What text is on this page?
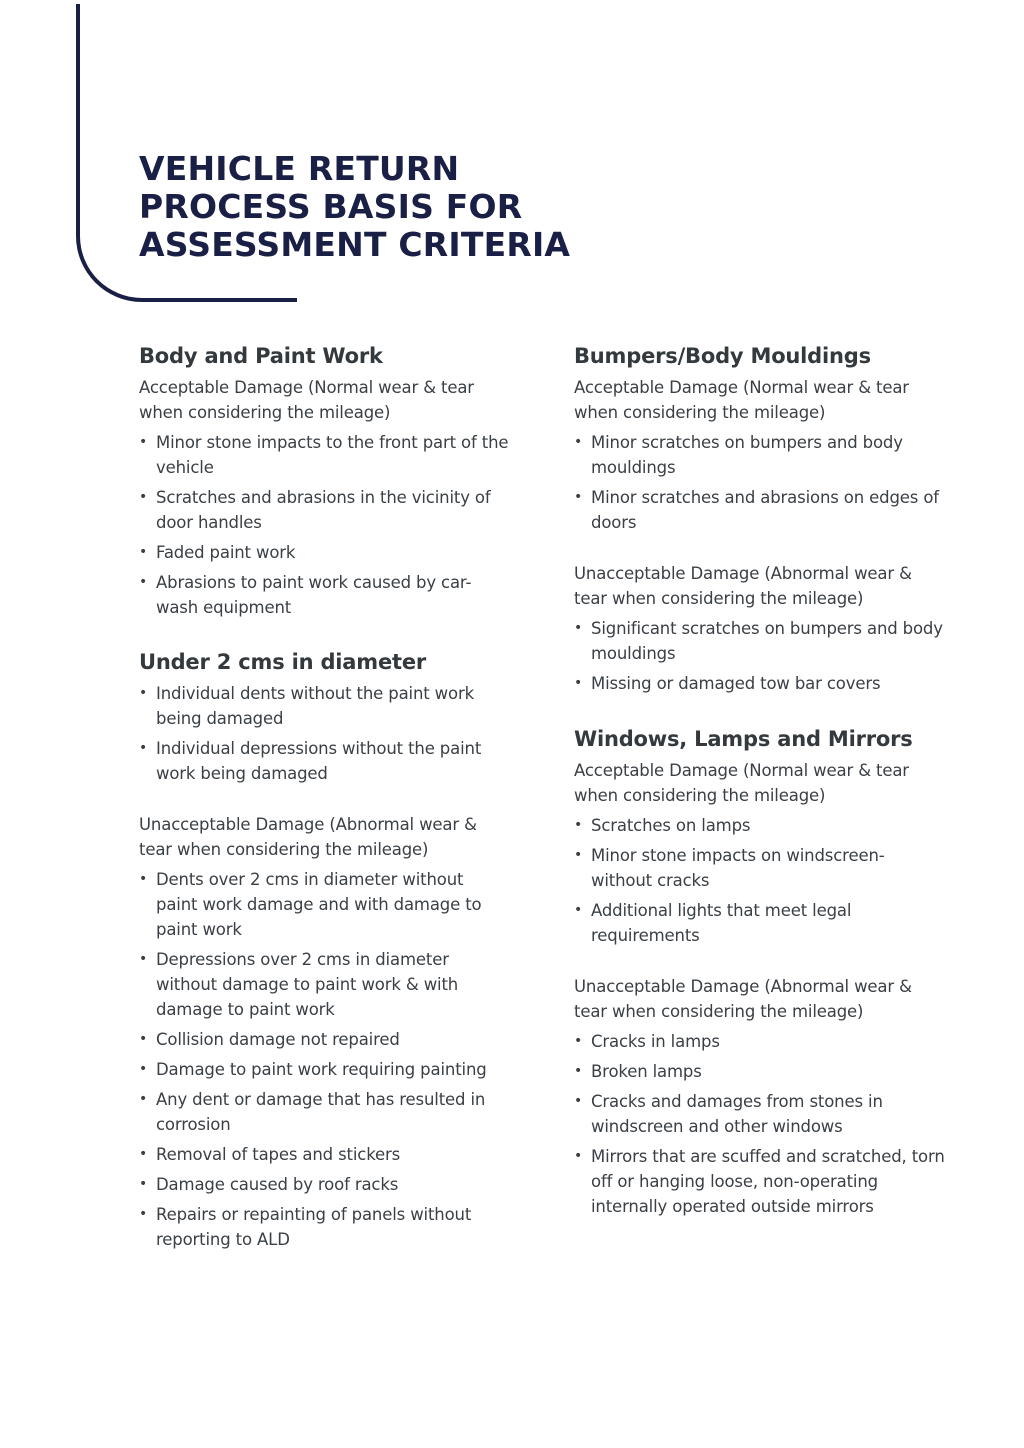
VEHICLE RETURN
PROCESS BASIS FOR
ASSESSMENT CRITERIA
Body and Paint Work

Acceptable Damage (Normal wear & tear when considering the mileage)

• Minor stone impacts to the front part of the vehicle
• Scratches and abrasions in the vicinity of door handles
• Faded paint work
• Abrasions to paint work caused by car-wash equipment
Under 2 cms in diameter
• Individual dents without the paint work being damaged
• Individual depressions without the paint work being damaged

Unacceptable Damage (Abnormal wear & tear when considering the mileage)

• Dents over 2 cms in diameter without paint work damage and with damage to paint work
• Depressions over 2 cms in diameter without damage to paint work & with damage to paint work
• Collision damage not repaired
• Damage to paint work requiring painting
• Any dent or damage that has resulted in corrosion
• Removal of tapes and stickers
• Damage caused by roof racks
• Repairs or repainting of panels without reporting to ALD
Bumpers/Body Mouldings

Acceptable Damage (Normal wear & tear when considering the mileage)

• Minor scratches on bumpers and body mouldings
• Minor scratches and abrasions on edges of doors

Unacceptable Damage (Abnormal wear & tear when considering the mileage)

• Significant scratches on bumpers and body mouldings
• Missing or damaged tow bar covers
Windows, Lamps and Mirrors

Acceptable Damage (Normal wear & tear when considering the mileage)

• Scratches on lamps
• Minor stone impacts on windscreen- without cracks
• Additional lights that meet legal requirements

Unacceptable Damage (Abnormal wear & tear when considering the mileage)

• Cracks in lamps
• Broken lamps
• Cracks and damages from stones in windscreen and other windows
• Mirrors that are scuffed and scratched, torn off or hanging loose, non-operating internally operated outside mirrors
